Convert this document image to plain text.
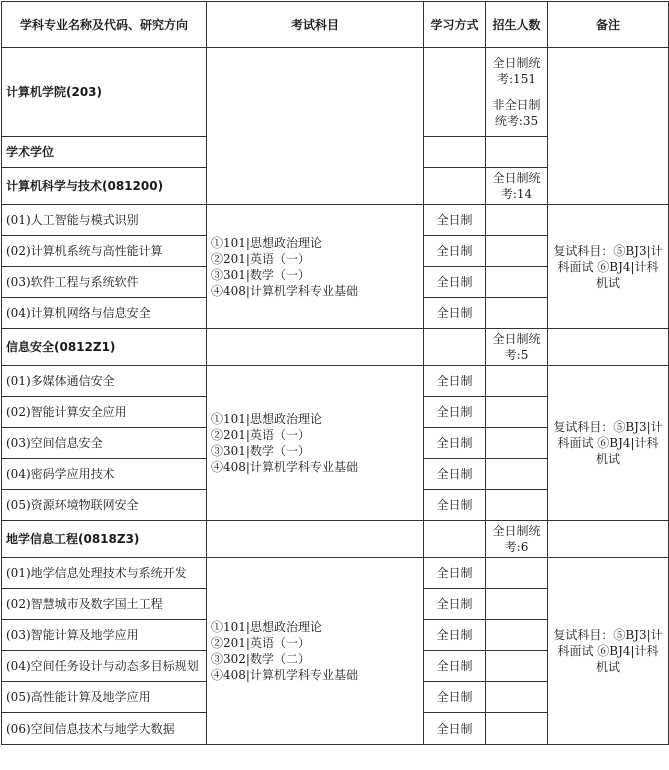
学科专业名称及代码、研究方向	考试科目	学习方式	招生人数	备注
计算机学院(203)			全日制统考:151
非全日制统考:35	

学术学位				
计算机科学与技术(081200)			全日制统考:14	
(01)人工智能与模式识别	①101|思想政治理论
②201|英语（一）
③301|数学（一）
④408|计算机学科专业基础	全日制		复试科目：⑤BJ3|计科面试 ⑥BJ4|计科机试
(02)计算机系统与高性能计算		全日制		
(03)软件工程与系统软件		全日制		
(04)计算机网络与信息安全		全日制		
信息安全(0812Z1)			全日制统考:5	
(01)多媒体通信安全	①101|思想政治理论
②201|英语（一）
③301|数学（一）
④408|计算机学科专业基础	全日制		复试科目：⑤BJ3|计科面试 ⑥BJ4|计科机试
(02)智能计算安全应用		全日制		
(03)空间信息安全		全日制		
(04)密码学应用技术		全日制		
(05)资源环境物联网安全		全日制		
地学信息工程(0818Z3)			全日制统考:6	
(01)地学信息处理技术与系统开发	①101|思想政治理论
②201|英语（一）
③302|数学（二）
④408|计算机学科专业基础	全日制		复试科目：⑤BJ3|计科面试 ⑥BJ4|计科机试
(02)智慧城市及数字国土工程		全日制		
(03)智能计算及地学应用		全日制		
(04)空间任务设计与动态多目标规划		全日制		
(05)高性能计算及地学应用		全日制		
(06)空间信息技术与地学大数据		全日制		
